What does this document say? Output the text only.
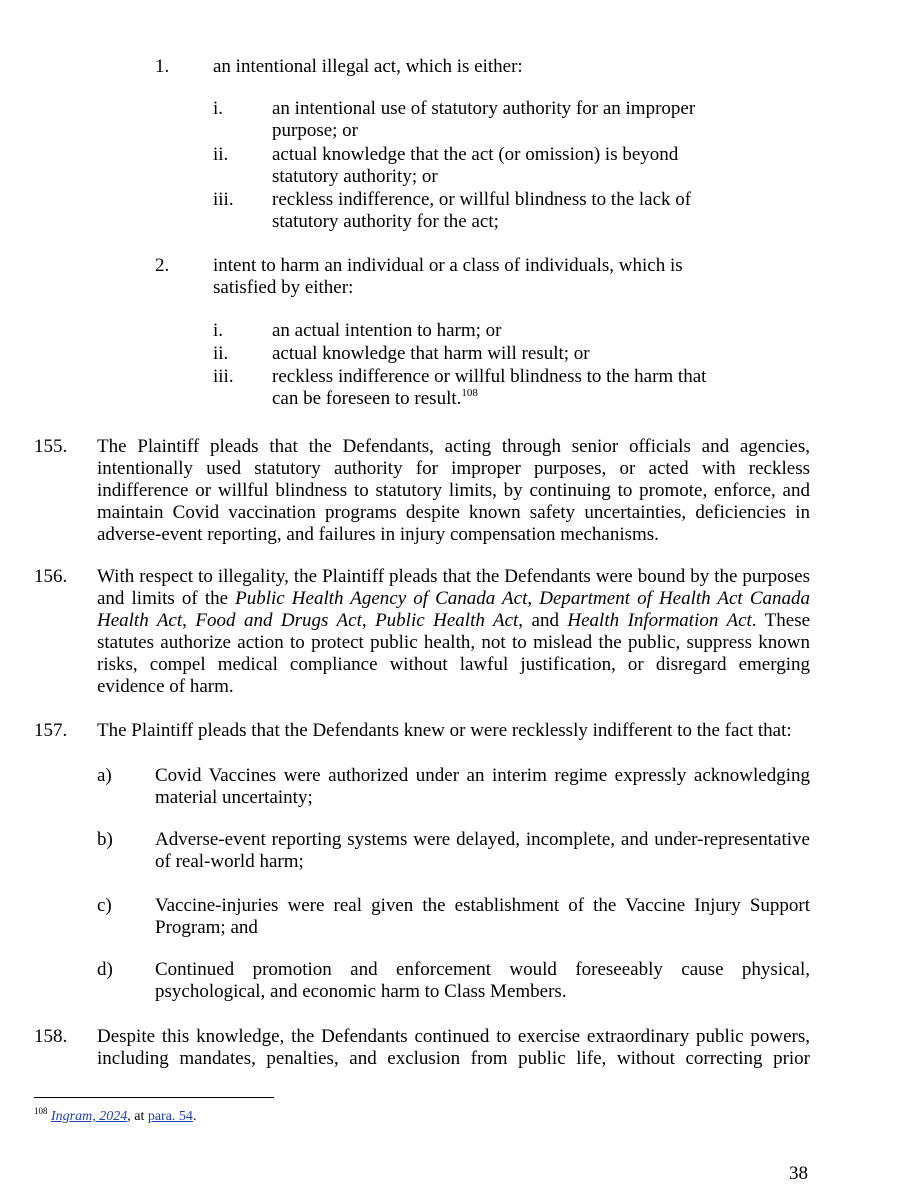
1. an intentional illegal act, which is either:
i.	an intentional use of statutory authority for an improper
purpose; or
ii. actual knowledge that the act (or omission) is beyond
statutory authority; or
iii. reckless indifference, or willful blindness to the lack of
statutory authority for the act;
2. intent to harm an individual or a class of individuals, which is
satisfied by either:
i.	an actual intention to harm; or
ii. actual knowledge that harm will result; or
iii. reckless indifference or willful blindness to the harm that
can be foreseen to result.$^{108}$
155. The Plaintiff pleads that the Defendants, acting through senior officials and agencies, intentionally used statutory authority for improper purposes, or acted with reckless indifference or willful blindness to statutory limits, by continuing to promote, enforce, and maintain Covid vaccination programs despite known safety uncertainties, deficiencies in adverse-event reporting, and failures in injury compensation mechanisms.
156. With respect to illegality, the Plaintiff pleads that the Defendants were bound by the purposes and limits of the Public Health Agency of Canada Act, Department of Health Act Canada Health Act, Food and Drugs Act, Public Health Act, and Health Information Act. These statutes authorize action to protect public health, not to mislead the public, suppress known risks, compel medical compliance without lawful justification, or disregard emerging evidence of harm.
157. The Plaintiff pleads that the Defendants knew or were recklessly indifferent to the fact that:
a) Covid Vaccines were authorized under an interim regime expressly acknowledging material uncertainty;
b) Adverse-event reporting systems were delayed, incomplete, and under-representative of real-world harm;
c) Vaccine-injuries were real given the establishment of the Vaccine Injury Support Program; and
d) Continued promotion and enforcement would foreseeably cause physical, psychological, and economic harm to Class Members.
158. Despite this knowledge, the Defendants continued to exercise extraordinary public powers,
including mandates, penalties, and exclusion from public life, without correcting prior
$^{108}$ Ingram, 2024, at para. 54.
38
